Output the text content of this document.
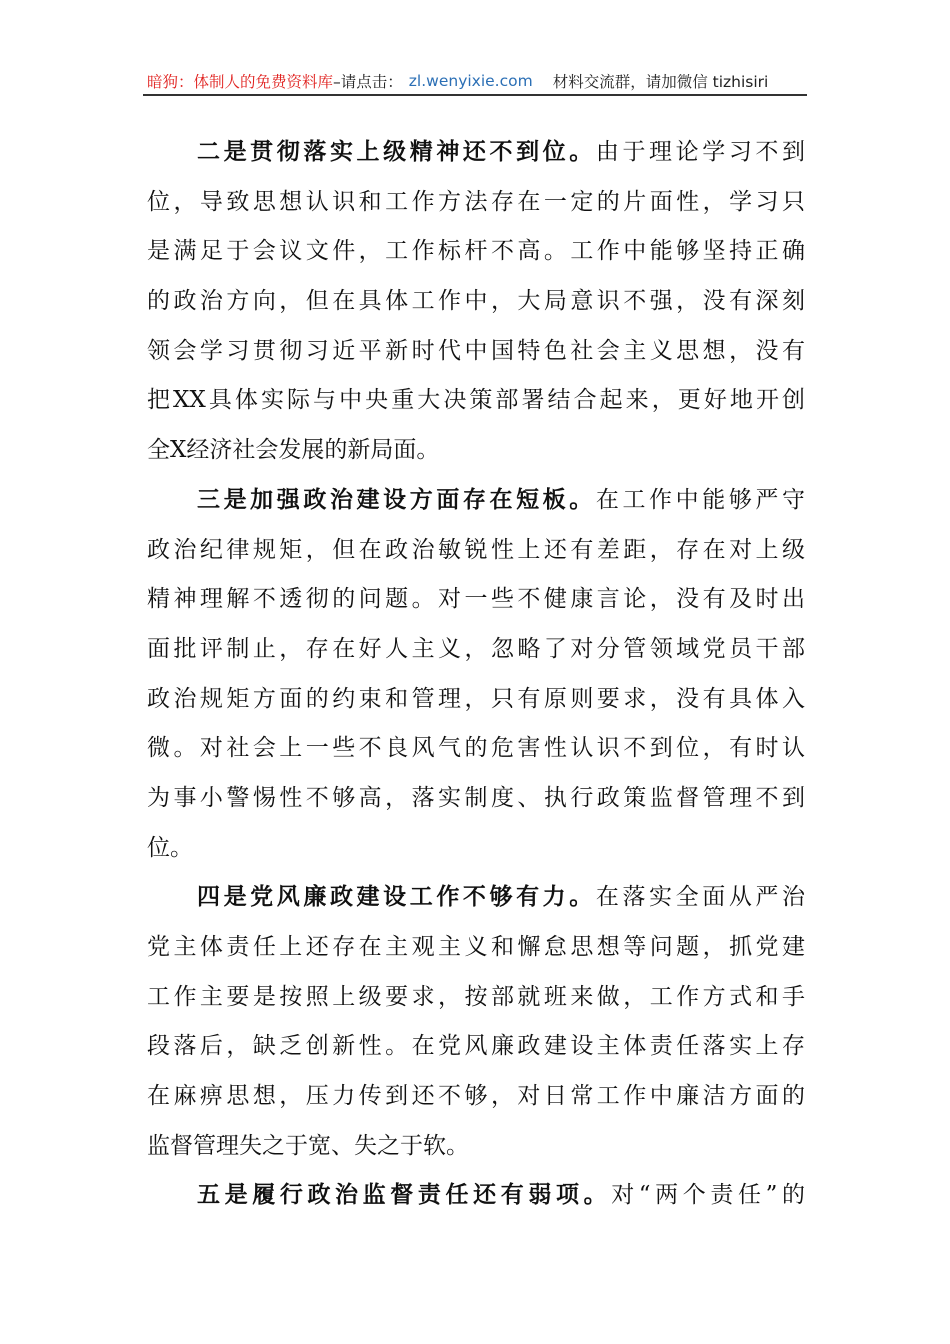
暗狗：体制人的免费资料库 –请点击： zl.wenyixie.com 材料交流群，请加微信 tizhisiri
二是贯彻落实上级精神还不到位。由于理论学习不到
位，导致思想认识和工作方法存在一定的片面性，学习只
是满足于会议文件，工作标杆不高。工作中能够坚持正确
的政治方向，但在具体工作中，大局意识不强，没有深刻
领会学习贯彻习近平新时代中国特色社会主义思想，没有
把XX具体实际与中央重大决策部署结合起来，更好地开创
全X经济社会发展的新局面。
三是加强政治建设方面存在短板。在工作中能够严守
政治纪律规矩，但在政治敏锐性上还有差距，存在对上级
精神理解不透彻的问题。对一些不健康言论，没有及时出
面批评制止，存在好人主义，忽略了对分管领域党员干部
政治规矩方面的约束和管理，只有原则要求，没有具体入
微。对社会上一些不良风气的危害性认识不到位，有时认
为事小警惕性不够高，落实制度、执行政策监督管理不到
位。
四是党风廉政建设工作不够有力。在落实全面从严治
党主体责任上还存在主观主义和懈怠思想等问题，抓党建
工作主要是按照上级要求，按部就班来做，工作方式和手
段落后，缺乏创新性。在党风廉政建设主体责任落实上存
在麻痹思想，压力传到还不够，对日常工作中廉洁方面的
监督管理失之于宽、失之于软。
五是履行政治监督责任还有弱项。对“两个责任”的
